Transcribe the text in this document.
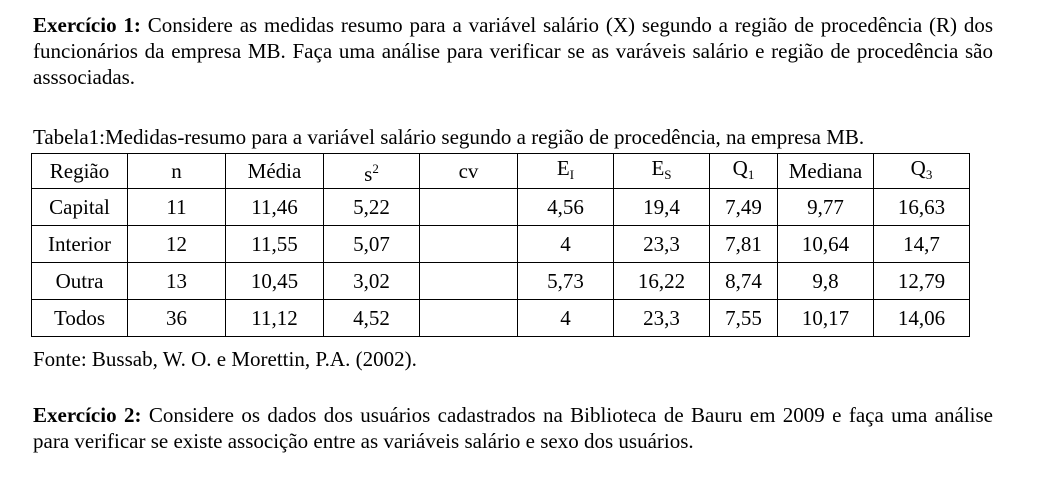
Exercício 1: Considere as medidas resumo para a variável salário (X) segundo a região de procedência (R) dos funcionários da empresa MB. Faça uma análise para verificar se as varáveis salário e região de procedência são asssociadas.
Tabela1:Medidas-resumo para a variável salário segundo a região de procedência, na empresa MB.
Região	n	Média	$s^2$	cv	$E_I$	$E_S$	$Q_1$	Mediana	$Q_3$
Capital	11	11,46	5,22		4,56	19,4	7,49	9,77	16,63
Interior	12	11,55	5,07		4	23,3	7,81	10,64	14,7
Outra	13	10,45	3,02		5,73	16,22	8,74	9,8	12,79
Todos	36	11,12	4,52		4	23,3	7,55	10,17	14,06
Fonte: Bussab, W. O. e Morettin, P.A. (2002).
Exercício 2: Considere os dados dos usuários cadastrados na Biblioteca de Bauru em 2009 e faça uma análise para verificar se existe associção entre as variáveis salário e sexo dos usuários.
